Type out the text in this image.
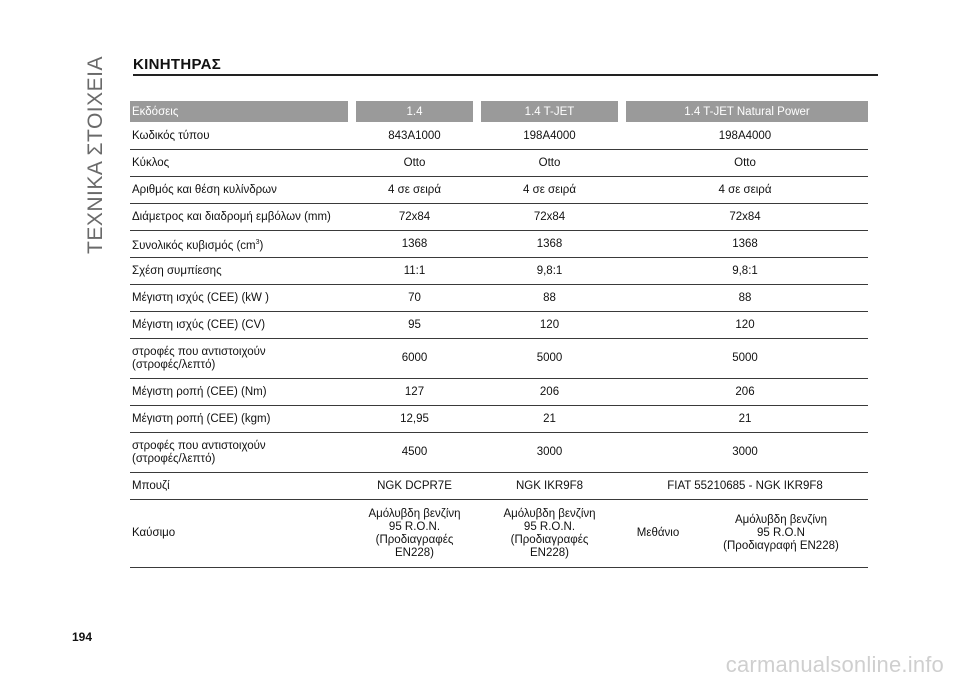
ΤΕΧΝΙΚΑ ΣΤΟΙΧΕΙΑ ΚΙΝΗΤΗΡΑΣ
Εκδόσεις	1.4	1.4 T-JET	1.4 T-JET Natural Power	
Κωδικός τύπου	843A1000	198A4000	198A4000	
Κύκλος	Otto	Otto	Otto	
Αριθμός και θέση κυλίνδρων	4 σε σειρά	4 σε σειρά	4 σε σειρά	
Διάμετρος και διαδρομή εμβόλων (mm)	72x84	72x84	72x84	
Συνολικός κυβισμός $(cm^3)$	1368	1368	1368	
Σχέση συμπίεσης	11:1	9,8:1	9,8:1	
Μέγιστη ισχύς (CEE) (kW )	70	88	88	
Μέγιστη ισχύς (CEE) (CV)	95	120	120	
στροφές που αντιστοιχούν
(στροφές/λεπτό)	6000	5000	5000	
Μέγιστη ροπή (CEE) (Nm)	127	206	206	
Μέγιστη ροπή (CEE) (kgm)	12,95	21	21	
στροφές που αντιστοιχούν
(στροφές/λεπτό)	4500	3000	3000	
Μπουζί	NGK DCPR7E	NGK IKR9F8	FIAT 55210685 - NGK IKR9F8	
Καύσιμο	Αμόλυβδη βενζίνη
95 R.O.N.
(Προδιαγραφές
EN228)	Αμόλυβδη βενζίνη
95 R.O.N.
(Προδιαγραφές
EN228)	Μεθάνιο	Αμόλυβδη βενζίνη
95 R.O.N
(Προδιαγραφή EN228)
194
carmanualsonline.info
